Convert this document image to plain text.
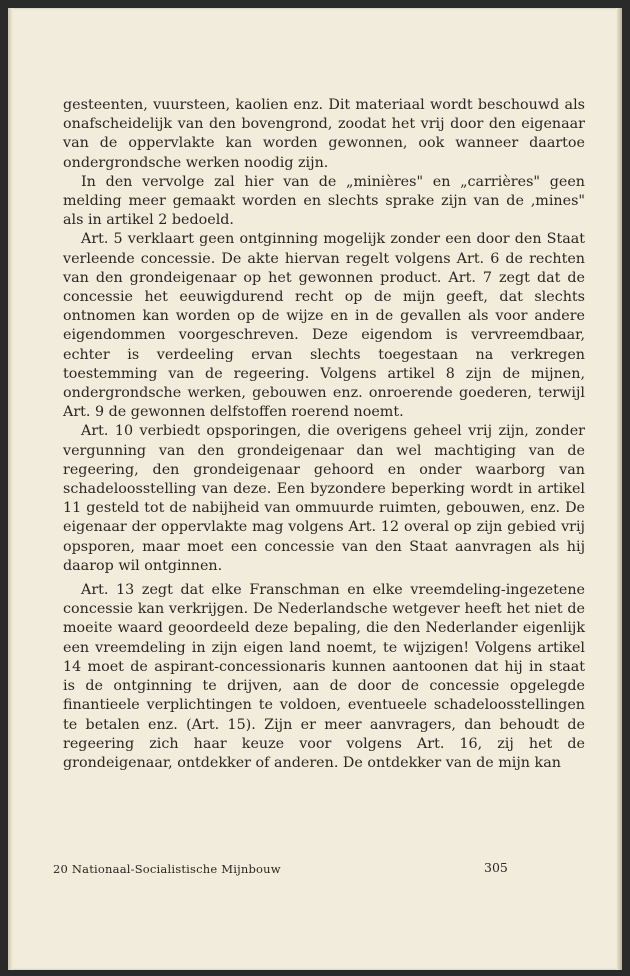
gesteenten, vuursteen, kaolien enz. Dit materiaal wordt beschouwd als onafscheidelijk van den bovengrond, zoodat het vrij door den eigenaar van de oppervlakte kan worden gewonnen, ook wanneer daartoe ondergrondsche werken noodig zijn.

In den vervolge zal hier van de „minières" en „carrières" geen melding meer gemaakt worden en slechts sprake zijn van de ‚mines" als in artikel 2 bedoeld.

Art. 5 verklaart geen ontginning mogelijk zonder een door den Staat verleende concessie. De akte hiervan regelt volgens Art. 6 de rechten van den grondeigenaar op het gewonnen product. Art. 7 zegt dat de concessie het eeuwigdurend recht op de mijn geeft, dat slechts ontnomen kan worden op de wijze en in de gevallen als voor andere eigendommen voorgeschreven. Deze eigendom is vervreemdbaar, echter is verdeeling ervan slechts toegestaan na verkregen toestemming van de regeering. Volgens artikel 8 zijn de mijnen, ondergrondsche werken, gebouwen enz. onroerende goederen, terwijl Art. 9 de gewonnen delfstoffen roerend noemt.

Art. 10 verbiedt opsporingen, die overigens geheel vrij zijn, zonder vergunning van den grondeigenaar dan wel machtiging van de regeering, den grondeigenaar gehoord en onder waarborg van schadeloosstelling van deze. Een byzondere beperking wordt in artikel 11 gesteld tot de nabijheid van ommuurde ruimten, gebouwen, enz. De eigenaar der oppervlakte mag volgens Art. 12 overal op zijn gebied vrij opsporen, maar moet een concessie van den Staat aanvragen als hij daarop wil ontginnen.

Art. 13 zegt dat elke Franschman en elke vreemdeling-ingezetene concessie kan verkrijgen. De Nederlandsche wetgever heeft het niet de moeite waard geoordeeld deze bepaling, die den Nederlander eigenlijk een vreemdeling in zijn eigen land noemt, te wijzigen! Volgens artikel 14 moet de aspirant-concessionaris kunnen aantoonen dat hij in staat is de ontginning te drijven, aan de door de concessie opgelegde finantieele verplichtingen te voldoen, eventueele schadeloosstellingen te betalen enz. (Art. 15). Zijn er meer aanvragers, dan behoudt de regeering zich haar keuze voor volgens Art. 16, zij het de grondeigenaar, ontdekker of anderen. De ontdekker van de mijn kan

20 Nationaal-Socialistische Mijnbouw	305
